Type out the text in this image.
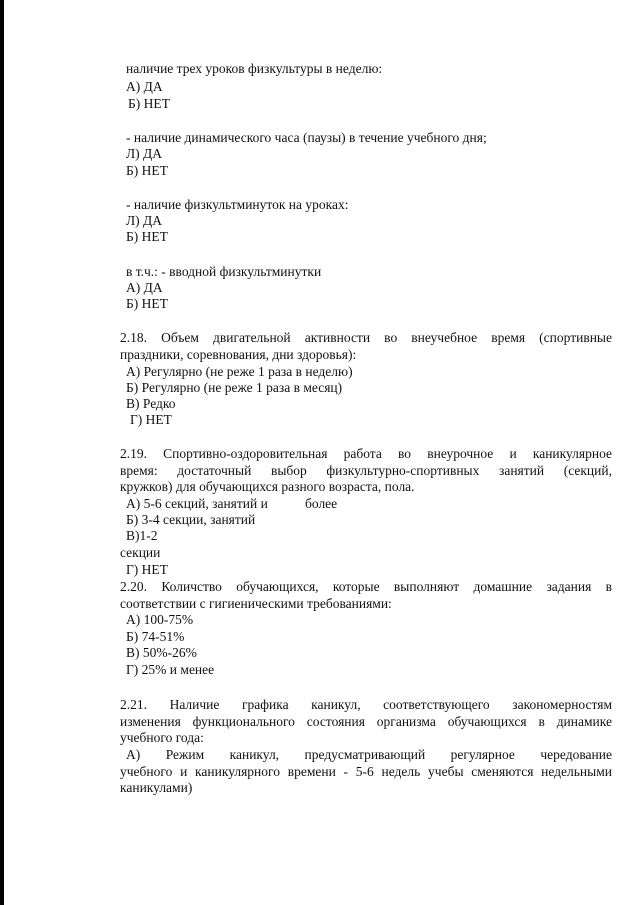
наличие трех уроков физкультуры в неделю:
А) ДА
Б) НЕТ
- наличие динамического часа (паузы) в течение учебного дня;
Л) ДА
Б) НЕТ
- наличие физкультминуток на уроках:
Л) ДА
Б) НЕТ
в т.ч.: - вводной физкультминутки
А) ДА
Б) НЕТ
2.18. Объем двигательной активности во внеучебное время (спортивные
праздники, соревнования, дни здоровья):
А) Регулярно (не реже 1 раза в неделю)
Б) Регулярно (не реже 1 раза в месяц)
В) Редко
Г) НЕТ
2.19. Спортивно-оздоровительная работа во внеурочное и каникулярное
время: достаточный выбор физкультурно-спортивных занятий (секций,
кружков) для обучающихся разного возраста, пола.
А) 5-6 секций, занятий и	более
Б) 3-4 секции, занятий
В)1-2
секции
Г) НЕТ
2.20. Количство обучающихся, которые выполняют домашние задания в
соответствии с гигиеническими требованиями:
А) 100-75%
Б) 74-51%
В) 50%-26%
Г) 25% и менее
2.21. Наличие графика каникул, соответствующего закономерностям
изменения функционального состояния организма обучающихся в динамике
учебного года:
А) Режим каникул, предусматривающий регулярное чередование
учебного и каникулярного времени - 5-6 недель учебы сменяются недельными
каникулами)
